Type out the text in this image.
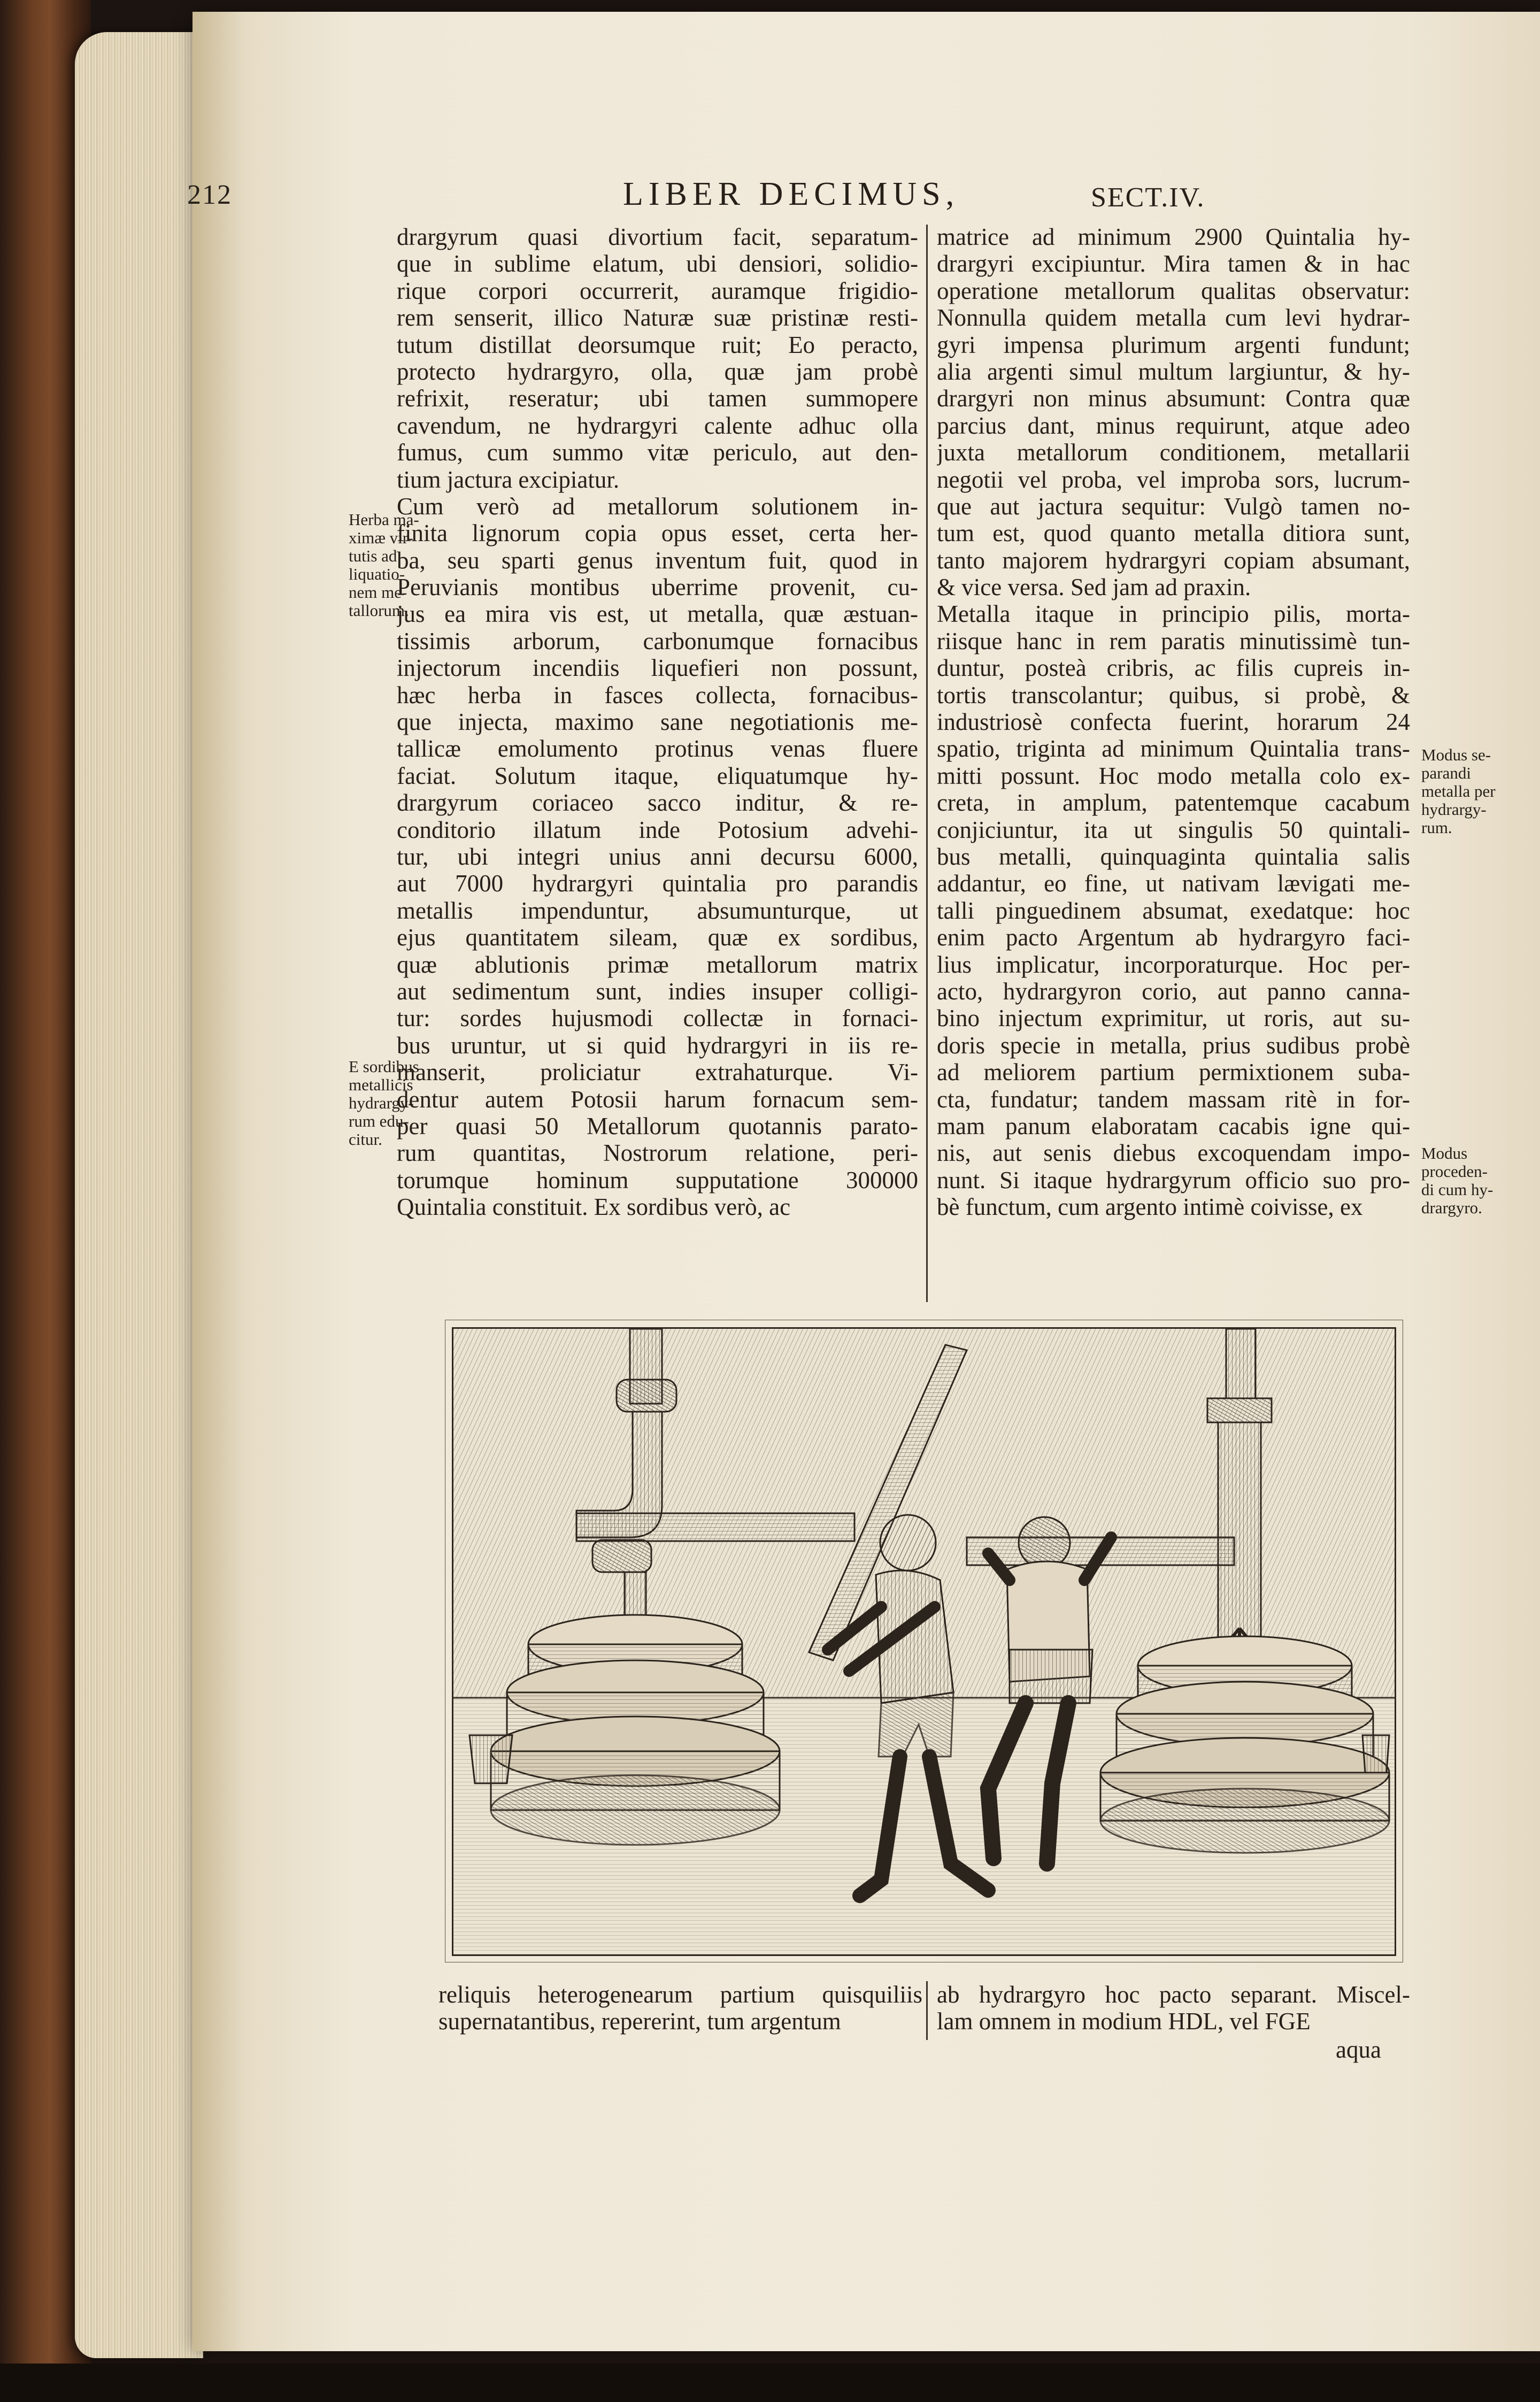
212	LIBER DECIMUS,	SECT.IV.
drargyrum quasi divortium facit, separatum-
que in sublime elatum, ubi densiori, solidio-
rique corpori occurrerit, auramque frigidio-
rem senserit, illico Naturæ suæ pristinæ resti-
tutum distillat deorsumque ruit; Eo peracto,
protecto hydrargyro, olla, quæ jam probè
refrixit, reseratur; ubi tamen summopere
cavendum, ne hydrargyri calente adhuc olla
fumus, cum summo vitæ periculo, aut den-
tium jactura excipiatur.
Cum verò ad metallorum solutionem in-
finita lignorum copia opus esset, certa her-
ba, seu sparti genus inventum fuit, quod in
Peruvianis montibus uberrime provenit, cu-
jus ea mira vis est, ut metalla, quæ æstuan-
tissimis arborum, carbonumque fornacibus
injectorum incendiis liquefieri non possunt,
hæc herba in fasces collecta, fornacibus-
que injecta, maximo sane negotiationis me-
tallicæ emolumento protinus venas fluere
faciat. Solutum itaque, eliquatumque hy-
drargyrum coriaceo sacco inditur, & re-
conditorio illatum inde Potosium advehi-
tur, ubi integri unius anni decursu 6000,
aut 7000 hydrargyri quintalia pro parandis
metallis impenduntur, absumunturque, ut
ejus quantitatem sileam, quæ ex sordibus,
quæ ablutionis primæ metallorum matrix
aut sedimentum sunt, indies insuper colligi-
tur: sordes hujusmodi collectæ in fornaci-
bus uruntur, ut si quid hydrargyri in iis re-
manserit, proliciatur extrahaturque. Vi-
dentur autem Potosii harum fornacum sem-
per quasi 50 Metallorum quotannis parato-
rum quantitas, Nostrorum relatione, peri-
torumque hominum supputatione 300000
Quintalia constituit. Ex sordibus verò, ac
matrice ad minimum 2900 Quintalia hy-
drargyri excipiuntur. Mira tamen & in hac
operatione metallorum qualitas observatur:
Nonnulla quidem metalla cum levi hydrar-
gyri impensa plurimum argenti fundunt;
alia argenti simul multum largiuntur, & hy-
drargyri non minus absumunt: Contra quæ
parcius dant, minus requirunt, atque adeo
juxta metallorum conditionem, metallarii
negotii vel proba, vel improba sors, lucrum-
que aut jactura sequitur: Vulgò tamen no-
tum est, quod quanto metalla ditiora sunt,
tanto majorem hydrargyri copiam absumant,
& vice versa. Sed jam ad praxin.
Metalla itaque in principio pilis, morta-
riisque hanc in rem paratis minutissimè tun-
duntur, posteà cribris, ac filis cupreis in-
tortis transcolantur; quibus, si probè, &
industriosè confecta fuerint, horarum 24
spatio, triginta ad minimum Quintalia trans-
mitti possunt. Hoc modo metalla colo ex-
creta, in amplum, patentemque cacabum
conjiciuntur, ita ut singulis 50 quintali-
bus metalli, quinquaginta quintalia salis
addantur, eo fine, ut nativam lævigati me-
talli pinguedinem absumat, exedatque: hoc
enim pacto Argentum ab hydrargyro faci-
lius implicatur, incorporaturque. Hoc per-
acto, hydrargyron corio, aut panno canna-
bino injectum exprimitur, ut roris, aut su-
doris specie in metalla, prius sudibus probè
ad meliorem partium permixtionem suba-
cta, fundatur; tandem massam ritè in for-
mam panum elaboratam cacabis igne qui-
nis, aut senis diebus excoquendam impo-
nunt. Si itaque hydrargyrum officio suo pro-
bè functum, cum argento intimè coivisse, ex
Herba ma-
ximæ vir-
tutis ad
liquatio-
nem me-
tallorum.
E sordibus
metallicis
hydrargy-
rum edu-
citur.
Modus se-
parandi
metalla per
hydrargy-
rum.
Modus
proceden-
di cum hy-
drargyro.
reliquis heterogenearum partium quisquiliis
supernatantibus, repererint, tum argentum
ab hydrargyro hoc pacto separant. Miscel-
lam omnem in modium HDL, vel FGE
aqua
